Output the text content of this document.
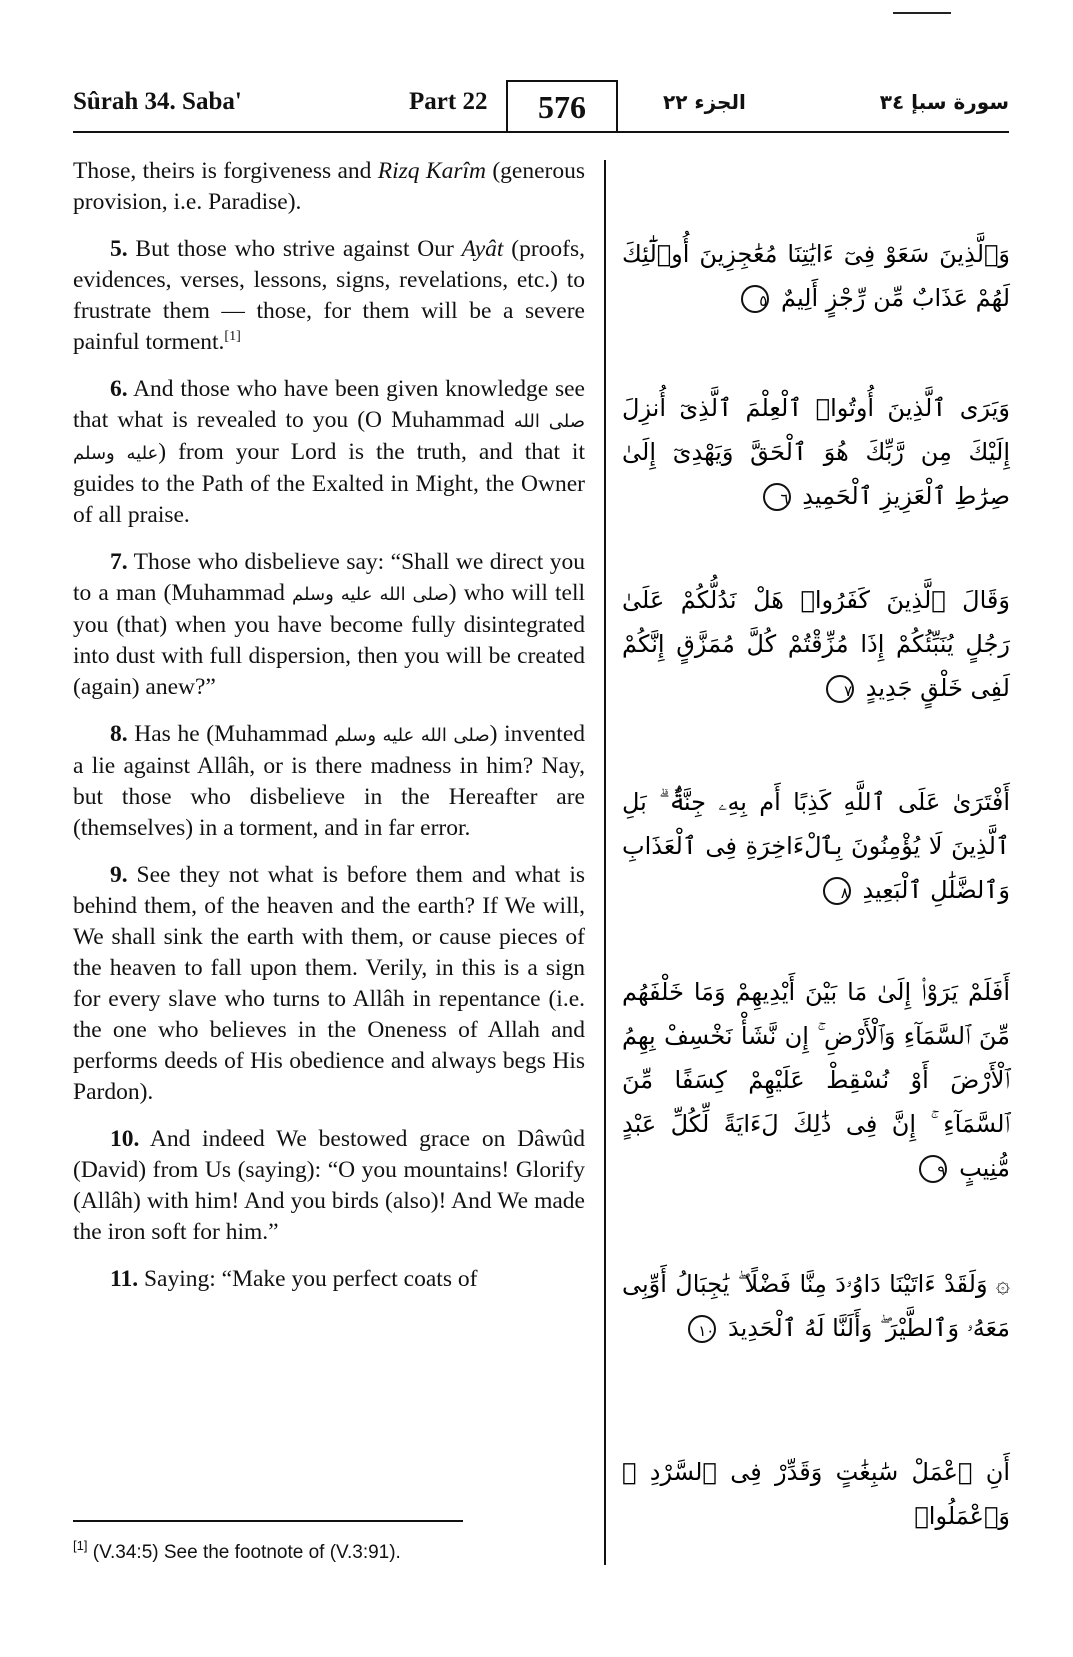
Sûrah 34. Saba'	Part 22	576	الجزء ٢٢	سورة سبإ ٣٤

Those, theirs is forgiveness and Rizq Karîm (generous provision, i.e. Paradise).

5. But those who strive against Our Ayât (proofs, evidences, verses, lessons, signs, revelations, etc.) to frustrate them — those, for them will be a severe painful torment.[1]

6. And those who have been given knowledge see that what is revealed to you (O Muhammad صلى الله عليه وسلم) from your Lord is the truth, and that it guides to the Path of the Exalted in Might, the Owner of all praise.

7. Those who disbelieve say: “Shall we direct you to a man (Muhammad صلى الله عليه وسلم) who will tell you (that) when you have become fully disintegrated into dust with full dispersion, then you will be created (again) anew?”

8. Has he (Muhammad صلى الله عليه وسلم) invented a lie against Allâh, or is there madness in him? Nay, but those who disbelieve in the Hereafter are (themselves) in a torment, and in far error.

9. See they not what is before them and what is behind them, of the heaven and the earth? If We will, We shall sink the earth with them, or cause pieces of the heaven to fall upon them. Verily, in this is a sign for every slave who turns to Allâh in repentance (i.e. the one who believes in the Oneness of Allah and performs deeds of His obedience and always begs His Pardon).

10. And indeed We bestowed grace on Dâwûd (David) from Us (saying): “O you mountains! Glorify (Allâh) with him! And you birds (also)! And We made the iron soft for him.”

11. Saying: “Make you perfect coats of

وَٱلَّذِينَ سَعَوْ فِىٓ ءَايَٰتِنَا مُعَٰجِزِينَ أُو۟لَٰٓئِكَ لَهُمْ عَذَابٌ مِّن رِّجْزٍ أَلِيمٌ ٥
وَيَرَى ٱلَّذِينَ أُوتُوا۟ ٱلْعِلْمَ ٱلَّذِىٓ أُنزِلَ إِلَيْكَ مِن رَّبِّكَ هُوَ ٱلْحَقَّ وَيَهْدِىٓ إِلَىٰ صِرَٰطِ ٱلْعَزِيزِ ٱلْحَمِيدِ ٦
وَقَالَ ٱلَّذِينَ كَفَرُوا۟ هَلْ نَدُلُّكُمْ عَلَىٰ رَجُلٍ يُنَبِّئُكُمْ إِذَا مُزِّقْتُمْ كُلَّ مُمَزَّقٍ إِنَّكُمْ لَفِى خَلْقٍ جَدِيدٍ ٧
أَفْتَرَىٰ عَلَى ٱللَّهِ كَذِبًا أَم بِهِۦ جِنَّةٌۢ ۗ بَلِ ٱلَّذِينَ لَا يُؤْمِنُونَ بِٱلْءَاخِرَةِ فِى ٱلْعَذَابِ وَٱلضَّلَٰلِ ٱلْبَعِيدِ ٨
أَفَلَمْ يَرَوْا۟ إِلَىٰ مَا بَيْنَ أَيْدِيهِمْ وَمَا خَلْفَهُم مِّنَ ٱلسَّمَآءِ وَٱلْأَرْضِ ۚ إِن نَّشَأْ نَخْسِفْ بِهِمُ ٱلْأَرْضَ أَوْ نُسْقِطْ عَلَيْهِمْ كِسَفًا مِّنَ ٱلسَّمَآءِ ۚ إِنَّ فِى ذَٰلِكَ لَءَايَةً لِّكُلِّ عَبْدٍ مُّنِيبٍ ٩
۞ وَلَقَدْ ءَاتَيْنَا دَاوُۥدَ مِنَّا فَضْلًا ۖ يَٰجِبَالُ أَوِّبِى مَعَهُۥ وَٱلطَّيْرَ ۖ وَأَلَنَّا لَهُ ٱلْحَدِيدَ ١٠
أَنِ ٱعْمَلْ سَٰبِغَٰتٍ وَقَدِّرْ فِى ٱلسَّرْدِ ۖ وَٱعْمَلُوا۟
[1] (V.34:5) See the footnote of (V.3:91).
